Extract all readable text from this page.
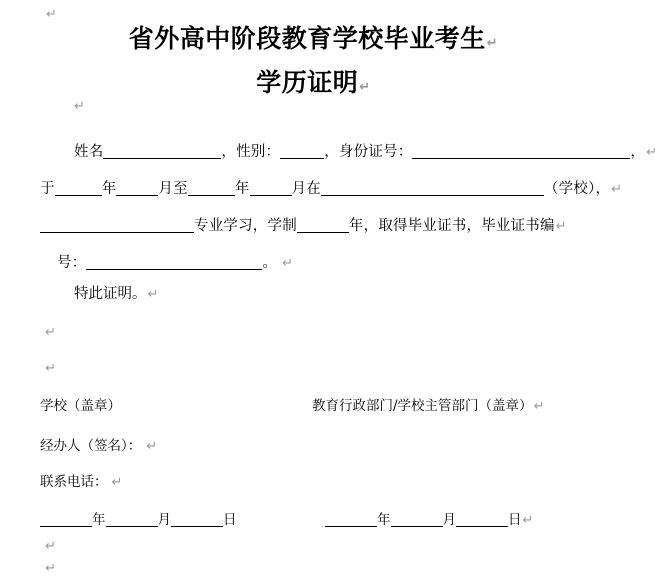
↵
省外高中阶段教育学校毕业考生↵
学历证明↵
↵
姓名	，性别：	，身份证号：	，↵
于	年	月至	年	月在	（学校），↵
专业学习，学制	年，取得毕业证书，毕业证书编↵
号：	。 ↵
特此证明。↵
↵
↵
学校（盖章）	教育行政部门/学校主管部门（盖章）↵
经办人（签名）： ↵
联系电话： ↵
年	月	日	年	月	日↵
↵
↵
